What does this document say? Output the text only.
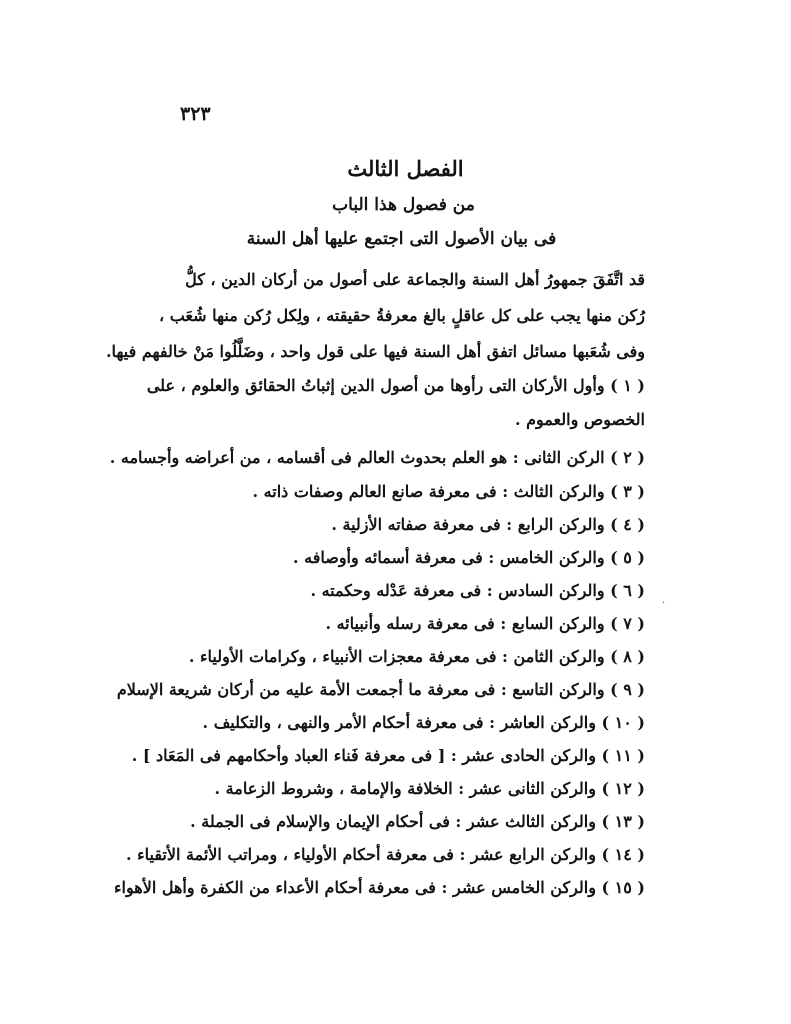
٣٢٣
الفصل الثالث
من فصول هذا الباب
فى بيان الأصول التى اجتمع عليها أهل السنة
قد اتَّفَقَ جمهورُ أهل السنة والجماعة على أصول من أركان الدين ، كلُّ
رُكن منها يجب على كل عاقلٍ بالغ معرفةُ حقيقته ، ولِكل رُكن منها شُعَب ،
وفى شُعَبها مسائل اتفق أهل السنة فيها على قول واحد ، وضَلَّلُوا مَنْ خالفهم فيها.
( ١ ) وأول الأركان التى رأوها من أصول الدين إثباتُ الحقائق والعلوم ، على
الخصوص والعموم .
( ٢ ) الركن الثانى : هو العلم بحدوث العالم فى أقسامه ، من أعراضه وأجسامه .
( ٣ ) والركن الثالث : فى معرفة صانع العالم وصفات ذاته .
( ٤ ) والركن الرابع : فى معرفة صفاته الأزلية .
( ٥ ) والركن الخامس : فى معرفة أسمائه وأوصافه .
( ٦ ) والركن السادس : فى معرفة عَدْله وحكمته .
( ٧ ) والركن السابع : فى معرفة رسله وأنبيائه .
( ٨ ) والركن الثامن : فى معرفة معجزات الأنبياء ، وكرامات الأولياء .
( ٩ ) والركن التاسع : فى معرفة ما أجمعت الأمة عليه من أركان شريعة الإسلام
( ١٠ ) والركن العاشر : فى معرفة أحكام الأمر والنهى ، والتكليف .
( ١١ ) والركن الحادى عشر : [ فى معرفة فَناء العباد وأحكامهم فى المَعَاد ] .
( ١٢ ) والركن الثانى عشر : الخلافة والإمامة ، وشروط الزعامة .
( ١٣ ) والركن الثالث عشر : فى أحكام الإيمان والإسلام فى الجملة .
( ١٤ ) والركن الرابع عشر : فى معرفة أحكام الأولياء ، ومراتب الأئمة الأتقياء .
( ١٥ ) والركن الخامس عشر : فى معرفة أحكام الأعداء من الكفرة وأهل الأهواء
·
